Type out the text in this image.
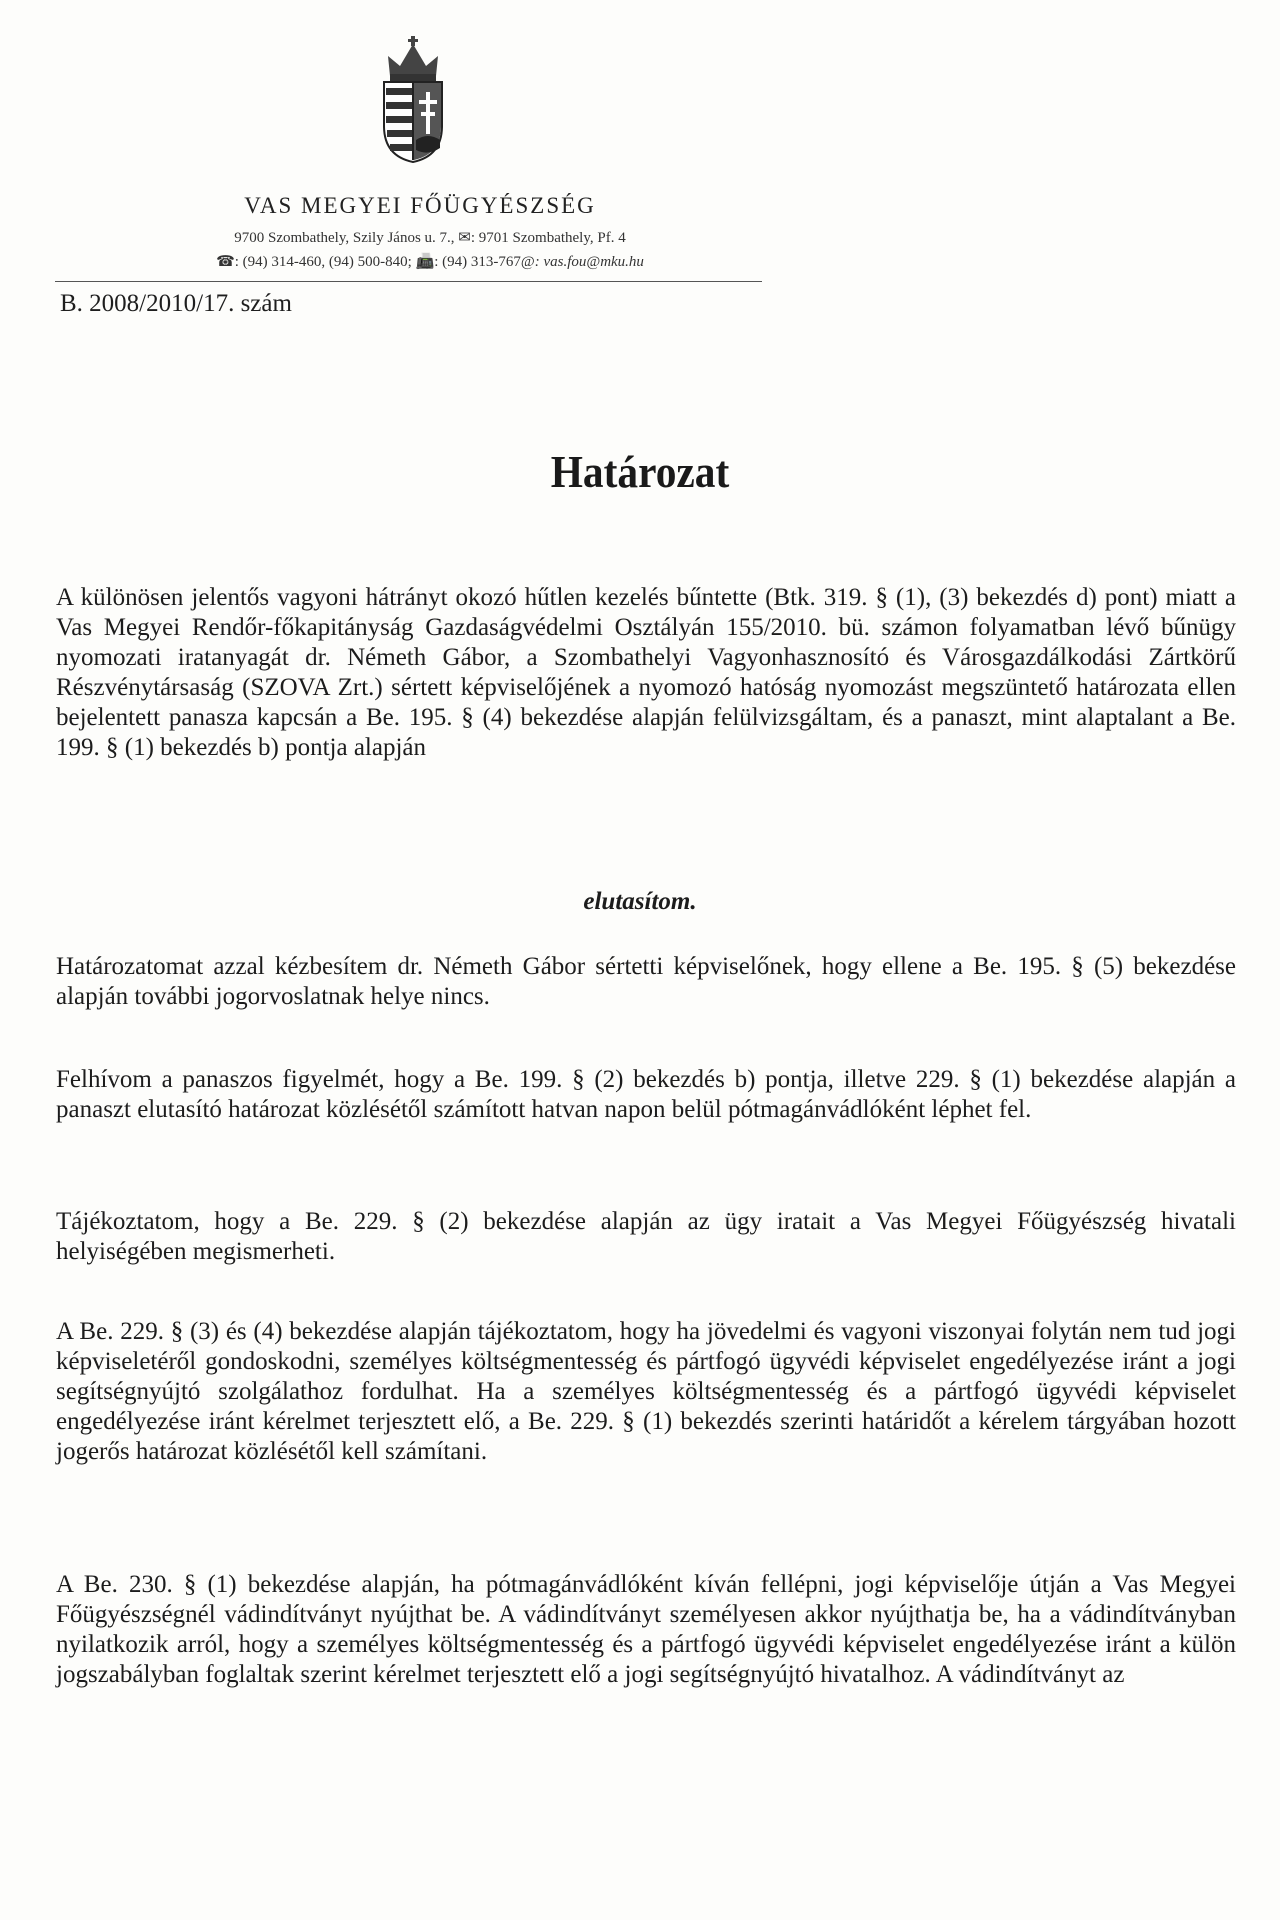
VAS MEGYEI FŐÜGYÉSZSÉG
9700 Szombathely, Szily János u. 7., ✉: 9701 Szombathely, Pf. 4
☎: (94) 314-460, (94) 500-840; 📠: (94) 313-767@: vas.fou@mku.hu
B. 2008/2010/17. szám
Határozat
A különösen jelentős vagyoni hátrányt okozó hűtlen kezelés bűntette (Btk. 319. § (1), (3) bekezdés d) pont) miatt a Vas Megyei Rendőr-főkapitányság Gazdaságvédelmi Osztályán 155/2010. bü. számon folyamatban lévő bűnügy nyomozati iratanyagát dr. Németh Gábor, a Szombathelyi Vagyonhasznosító és Városgazdálkodási Zártkörű Részvénytársaság (SZOVA Zrt.) sértett képviselőjének a nyomozó hatóság nyomozást megszüntető határozata ellen bejelentett panasza kapcsán a Be. 195. § (4) bekezdése alapján felülvizsgáltam, és a panaszt, mint alaptalant a Be. 199. § (1) bekezdés b) pontja alapján
elutasítom.
Határozatomat azzal kézbesítem dr. Németh Gábor sértetti képviselőnek, hogy ellene a Be. 195. § (5) bekezdése alapján további jogorvoslatnak helye nincs.
Felhívom a panaszos figyelmét, hogy a Be. 199. § (2) bekezdés b) pontja, illetve 229. § (1) bekezdése alapján a panaszt elutasító határozat közlésétől számított hatvan napon belül pótmagánvádlóként léphet fel.
Tájékoztatom, hogy a Be. 229. § (2) bekezdése alapján az ügy iratait a Vas Megyei Főügyészség hivatali helyiségében megismerheti.
A Be. 229. § (3) és (4) bekezdése alapján tájékoztatom, hogy ha jövedelmi és vagyoni viszonyai folytán nem tud jogi képviseletéről gondoskodni, személyes költségmentesség és pártfogó ügyvédi képviselet engedélyezése iránt a jogi segítségnyújtó szolgálathoz fordulhat. Ha a személyes költségmentesség és a pártfogó ügyvédi képviselet engedélyezése iránt kérelmet terjesztett elő, a Be. 229. § (1) bekezdés szerinti határidőt a kérelem tárgyában hozott jogerős határozat közlésétől kell számítani.
A Be. 230. § (1) bekezdése alapján, ha pótmagánvádlóként kíván fellépni, jogi képviselője útján a Vas Megyei Főügyészségnél vádindítványt nyújthat be. A vádindítványt személyesen akkor nyújthatja be, ha a vádindítványban nyilatkozik arról, hogy a személyes költségmentesség és a pártfogó ügyvédi képviselet engedélyezése iránt a külön jogszabályban foglaltak szerint kérelmet terjesztett elő a jogi segítségnyújtó hivatalhoz. A vádindítványt az
